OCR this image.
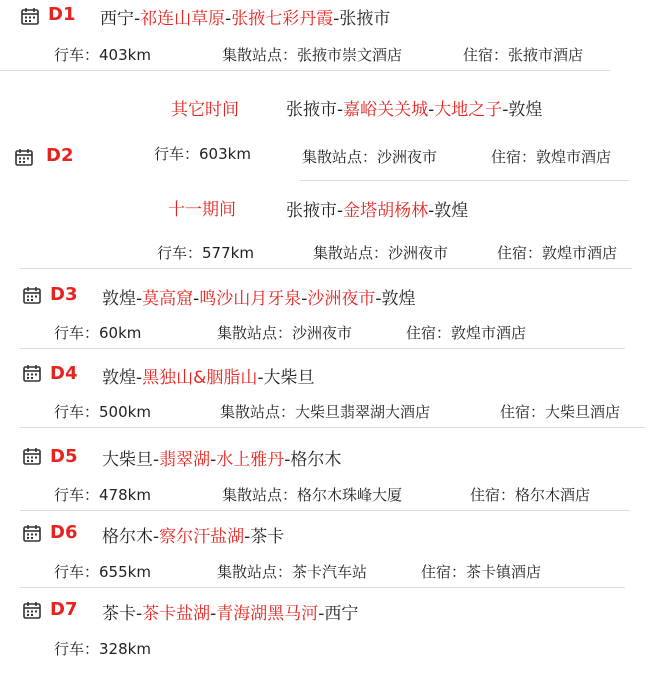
D1 西宁-祁连山草原-张掖七彩丹霞-张掖市
行车：403km	集散站点：张掖市崇文酒店	住宿：张掖市酒店
其它时间	张掖市-嘉峪关关城-大地之子-敦煌
D2	行车：603km	集散站点：沙洲夜市	住宿：敦煌市酒店
十一期间	张掖市-金塔胡杨林-敦煌
行车：577km	集散站点：沙洲夜市	住宿：敦煌市酒店
D3 敦煌-莫高窟-鸣沙山月牙泉-沙洲夜市-敦煌
行车：60km	集散站点：沙洲夜市	住宿：敦煌市酒店
D4 敦煌-黑独山&胭脂山-大柴旦
行车：500km	集散站点：大柴旦翡翠湖大酒店	住宿：大柴旦酒店
D5 大柴旦-翡翠湖-水上雅丹-格尔木
行车：478km	集散站点：格尔木珠峰大厦	住宿：格尔木酒店
D6 格尔木-察尔汗盐湖-茶卡
行车：655km	集散站点：茶卡汽车站	住宿：茶卡镇酒店
D7 茶卡-茶卡盐湖-青海湖黑马河-西宁
行车：328km
